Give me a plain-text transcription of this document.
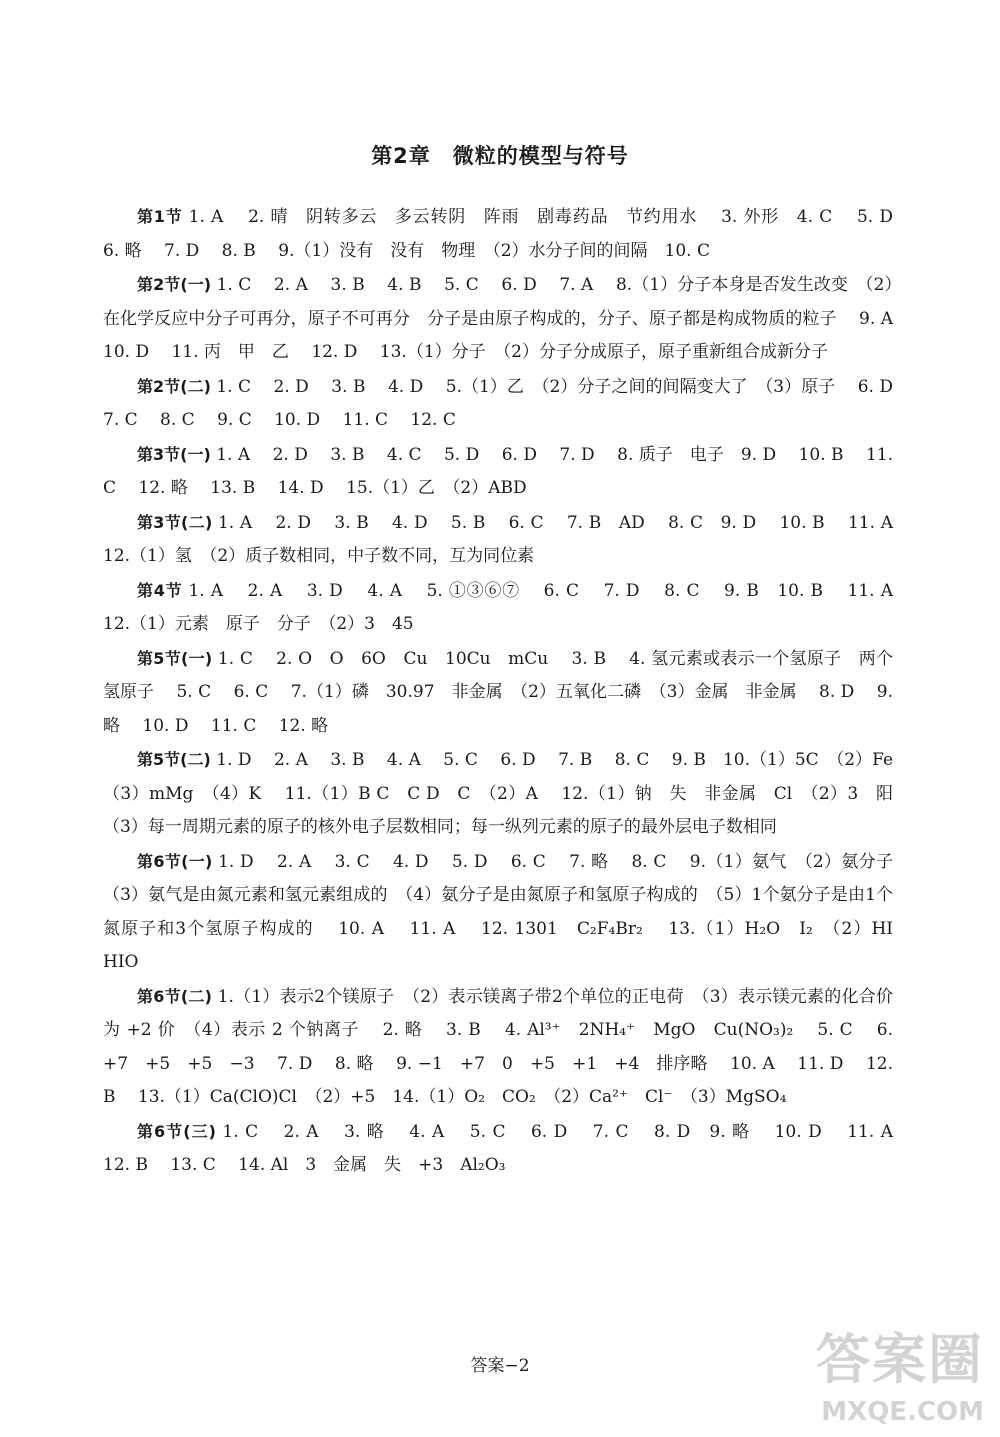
第2章　微粒的模型与符号

第1节 1. A　 2. 晴　阴转多云　多云转阴　阵雨　剧毒药品　节约用水　 3. 外形　4. C　 5. D　 6. 略　 7. D　 8. B　 9.（1）没有　没有　物理　（2）水分子间的间隔　10. C

第2节(一) 1. C　 2. A　 3. B　 4. B　 5. C　 6. D　 7. A　 8.（1）分子本身是否发生改变　（2）在化学反应中分子可再分，原子不可再分　分子是由原子构成的，分子、原子都是构成物质的粒子　 9. A　 10. D　 11. 丙　甲　乙　 12. D　 13.（1）分子　（2）分子分成原子，原子重新组合成新分子

第2节(二) 1. C　 2. D　 3. B　 4. D　 5.（1）乙　（2）分子之间的间隔变大了　（3）原子　 6. D　 7. C　 8. C　 9. C　 10. D　 11. C　 12. C

第3节(一) 1. A　 2. D　 3. B　 4. C　 5. D　 6. D　 7. D　 8. 质子　电子　9. D　 10. B　 11. C　 12. 略　 13. B　 14. D　 15.（1）乙　（2）ABD

第3节(二) 1. A　 2. D　 3. B　 4. D　 5. B　 6. C　 7. B　AD　 8. C　9. D　 10. B　 11. A　 12.（1）氢　（2）质子数相同，中子数不同，互为同位素

第4节 1. A　 2. A　 3. D　 4. A　 5. ①③⑥⑦　 6. C　 7. D　 8. C　 9. B　10. B　 11. A　 12.（1）元素　原子　分子　（2）3　45

第5节(一) 1. C　 2. O　O　6O　Cu　10Cu　mCu　 3. B　 4. 氢元素或表示一个氢原子　两个氢原子　 5. C　 6. C　 7.（1）磷　30.97　非金属　（2）五氧化二磷　（3）金属　非金属　 8. D　 9. 略　 10. D　 11. C　 12. 略

第5节(二) 1. D　 2. A　 3. B　 4. A　 5. C　 6. D　 7. B　 8. C　 9. B　10.（1）5C　（2）Fe　（3）mMg　（4）K　 11.（1）B C　C D　C　（2）A　 12.（1）钠　失　非金属　Cl　（2）3　阳　（3）每一周期元素的原子的核外电子层数相同；每一纵列元素的原子的最外层电子数相同

第6节(一) 1. D　 2. A　 3. C　 4. D　 5. D　 6. C　 7. 略　 8. C　 9.（1）氨气　（2）氨分子　（3）氨气是由氮元素和氢元素组成的　（4）氨分子是由氮原子和氢原子构成的　（5）1个氨分子是由1个氮原子和3个氢原子构成的　 10. A　 11. A　 12. 1301　C₂F₄Br₂　 13.（1）H₂O　I₂　（2）HI　HIO

第6节(二) 1.（1）表示2个镁原子　（2）表示镁离子带2个单位的正电荷　（3）表示镁元素的化合价为 +2 价　（4）表示 2 个钠离子　 2. 略　 3. B　 4. Al³⁺　2NH₄⁺　MgO　Cu(NO₃)₂　 5. C　 6. +7　+5　+5　−3　 7. D　 8. 略　 9. −1　+7　0　+5　+1　+4　排序略　 10. A　 11. D　 12. B　 13.（1）Ca(ClO)Cl　（2）+5　14.（1）O₂　CO₂　（2）Ca²⁺　Cl⁻　（3）MgSO₄

第6节(三) 1. C　 2. A　 3. 略　 4. A　 5. C　 6. D　 7. C　 8. D　9. 略　 10. D　 11. A　 12. B　 13. C　 14. Al　3　金属　失　+3　Al₂O₃

答案−2	答案圈
MXQE.COM
